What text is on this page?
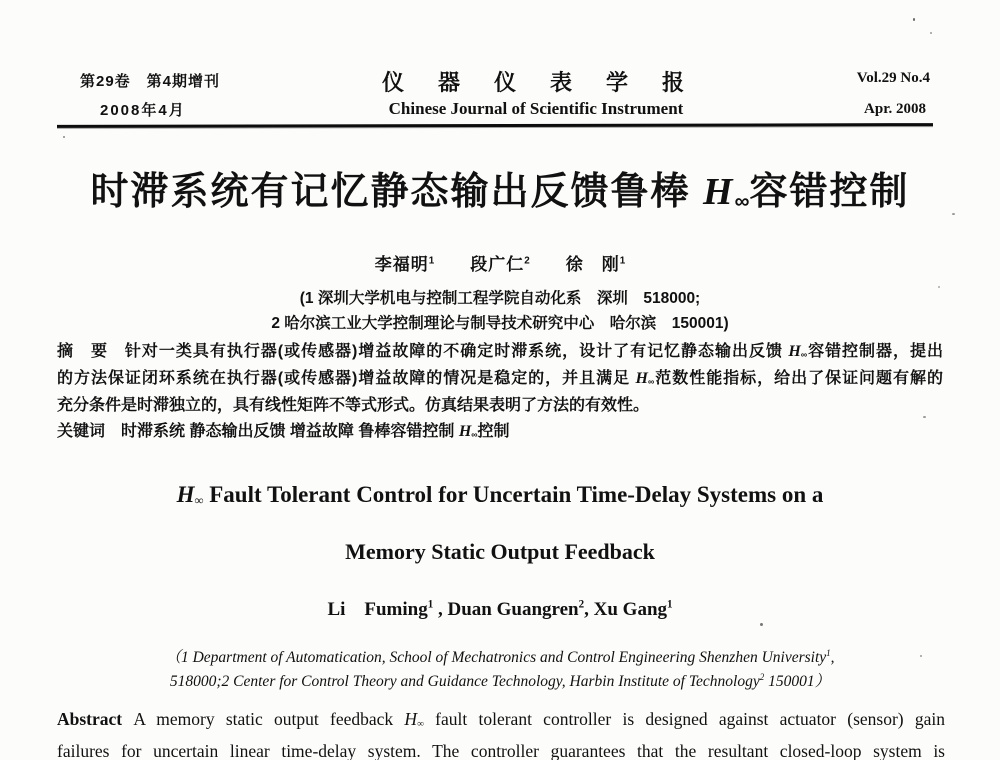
第29卷　第4期增刊
2008年4月
仪　器　仪　表　学　报
Chinese Journal of Scientific Instrument
Vol.29 No.4
Apr. 2008
时滞系统有记忆静态输出反馈鲁棒 H∞容错控制
李福明$^1$　　段广仁$^2$　　徐　刚$^1$
(1 深圳大学机电与控制工程学院自动化系　深圳　518000;
2 哈尔滨工业大学控制理论与制导技术研究中心　哈尔滨　150001)
摘　要　针对一类具有执行器(或传感器)增益故障的不确定时滞系统，设计了有记忆静态输出反馈 H∞容错控制器，提出
的方法保证闭环系统在执行器(或传感器)增益故障的情况是稳定的，并且满足 H∞范数性能指标，给出了保证问题有解的
充分条件是时滞独立的，具有线性矩阵不等式形式。仿真结果表明了方法的有效性。
关键词　时滞系统 静态输出反馈 增益故障 鲁棒容错控制 H∞控制
H∞ Fault Tolerant Control for Uncertain Time-Delay Systems on a
Memory Static Output Feedback
Li　Fuming$^1$ , Duan Guangren$^2$, Xu Gang$^1$
（1 Department of Automatication, School of Mechatronics and Control Engineering Shenzhen University$^1$,
518000;2 Center for Control Theory and Guidance Technology, Harbin Institute of Technology$^2$ 150001）
Abstract A memory static output feedback H∞ fault tolerant controller is designed against actuator (sensor) gain
failures for uncertain linear time-delay system. The controller guarantees that the resultant closed-loop system is
